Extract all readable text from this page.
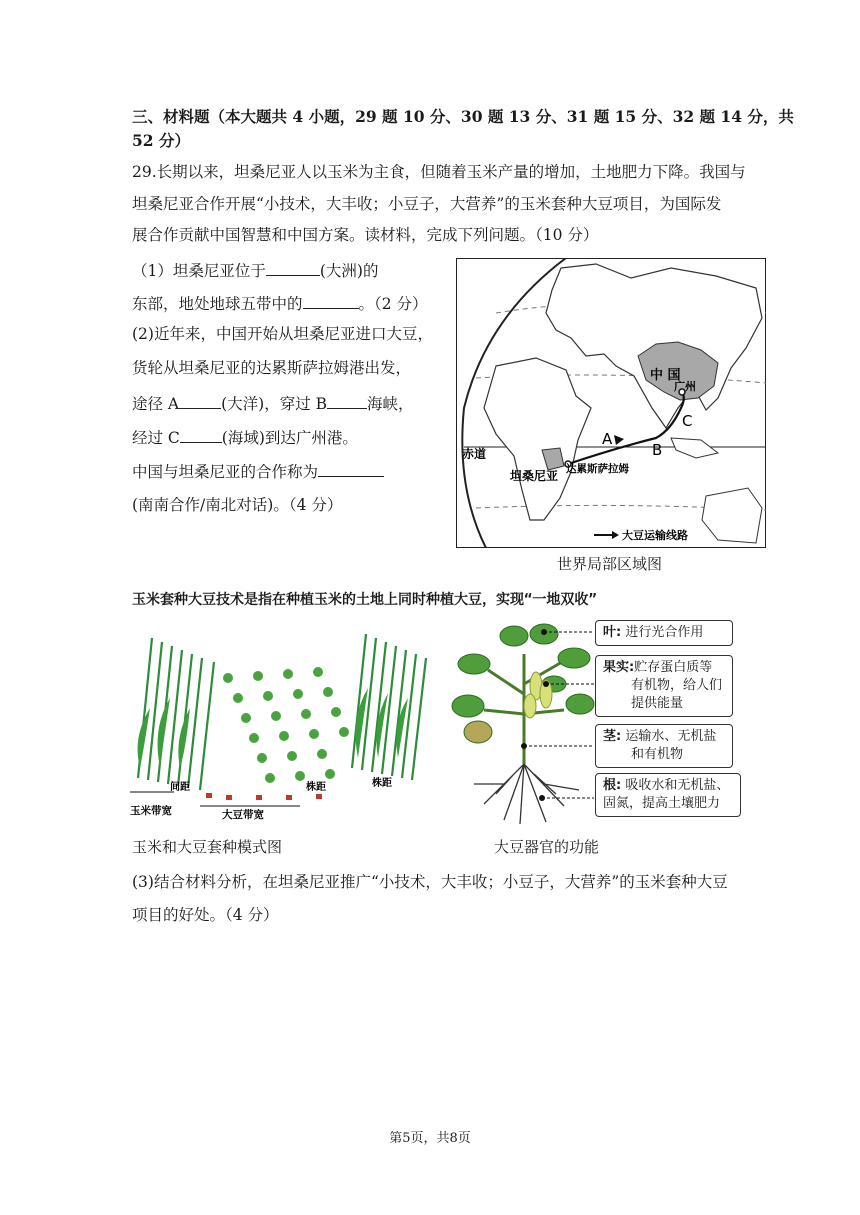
三、材料题（本大题共 4 小题，29 题 10 分、30 题 13 分、31 题 15 分、32 题 14 分，共
52 分）
29.长期以来，坦桑尼亚人以玉米为主食，但随着玉米产量的增加，土地肥力下降。我国与
坦桑尼亚合作开展“小技术，大丰收；小豆子，大营养”的玉米套种大豆项目，为国际发
展合作贡献中国智慧和中国方案。读材料，完成下列问题。（10 分）
（1）坦桑尼亚位于	(大洲)的
东部，地处地球五带中的	。（2 分）
(2)近年来，中国开始从坦桑尼亚进口大豆，
货轮从坦桑尼亚的达累斯萨拉姆港出发，
途径 A	(大洋)，穿过 B	海峡，
经过 C	(海域)到达广州港。
中国与坦桑尼亚的合作称为
(南南合作/南北对话)。（4 分）
中 国
广州
赤道
坦桑尼亚 达累斯萨拉姆
A
B
C
大豆运输线路
世界局部区域图
玉米套种大豆技术是指在种植玉米的土地上同时种植大豆，实现“一地双收”
间距	株距	株距
玉米带宽	大豆带宽
玉米和大豆套种模式图
叶: 进行光合作用
果实:贮存蛋白质等
有机物，给人们
提供能量
茎: 运输水、无机盐
和有机物
根: 吸收水和无机盐、
固氮，提高土壤肥力
大豆器官的功能
(3)结合材料分析，在坦桑尼亚推广“小技术，大丰收；小豆子，大营养”的玉米套种大豆
项目的好处。（4 分）
第5页，共8页
